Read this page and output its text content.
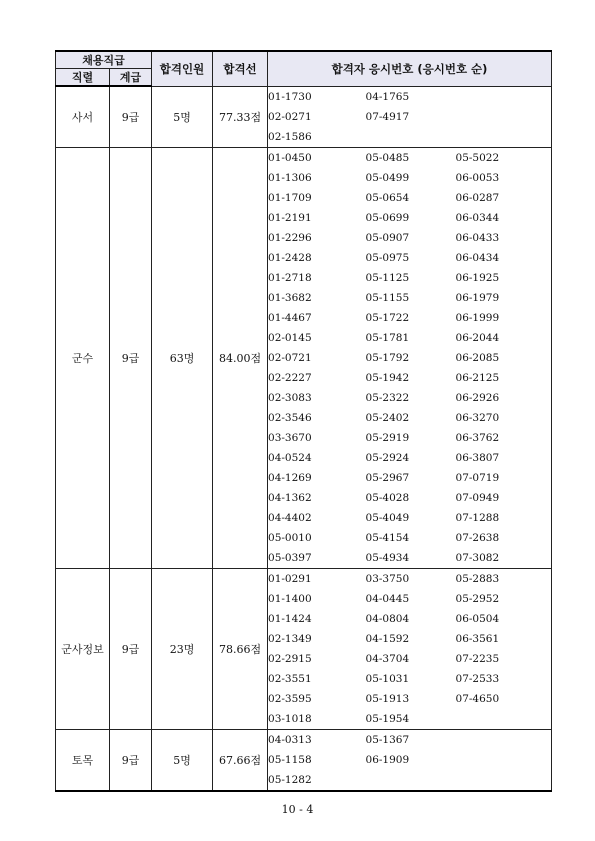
채용직급		합격인원	합격선	합격자 응시번호 (응시번호 순)		
직렬	계급					
사서	9급	5명	77.33점	01-1730	04-1765	
				02-0271	07-4917	
				02-1586		
군수	9급	63명	84.00점	01-0450	05-0485	05-5022
				01-1306	05-0499	06-0053
				01-1709	05-0654	06-0287
				01-2191	05-0699	06-0344
				01-2296	05-0907	06-0433
				01-2428	05-0975	06-0434
				01-2718	05-1125	06-1925
				01-3682	05-1155	06-1979
				01-4467	05-1722	06-1999
				02-0145	05-1781	06-2044
				02-0721	05-1792	06-2085
				02-2227	05-1942	06-2125
				02-3083	05-2322	06-2926
				02-3546	05-2402	06-3270
				03-3670	05-2919	06-3762
				04-0524	05-2924	06-3807
				04-1269	05-2967	07-0719
				04-1362	05-4028	07-0949
				04-4402	05-4049	07-1288
				05-0010	05-4154	07-2638
				05-0397	05-4934	07-3082
군사정보	9급	23명	78.66점	01-0291	03-3750	05-2883
				01-1400	04-0445	05-2952
				01-1424	04-0804	06-0504
				02-1349	04-1592	06-3561
				02-2915	04-3704	07-2235
				02-3551	05-1031	07-2533
				02-3595	05-1913	07-4650
				03-1018	05-1954	
토목	9급	5명	67.66점	04-0313	05-1367	
				05-1158	06-1909	
				05-1282		
10 - 4
